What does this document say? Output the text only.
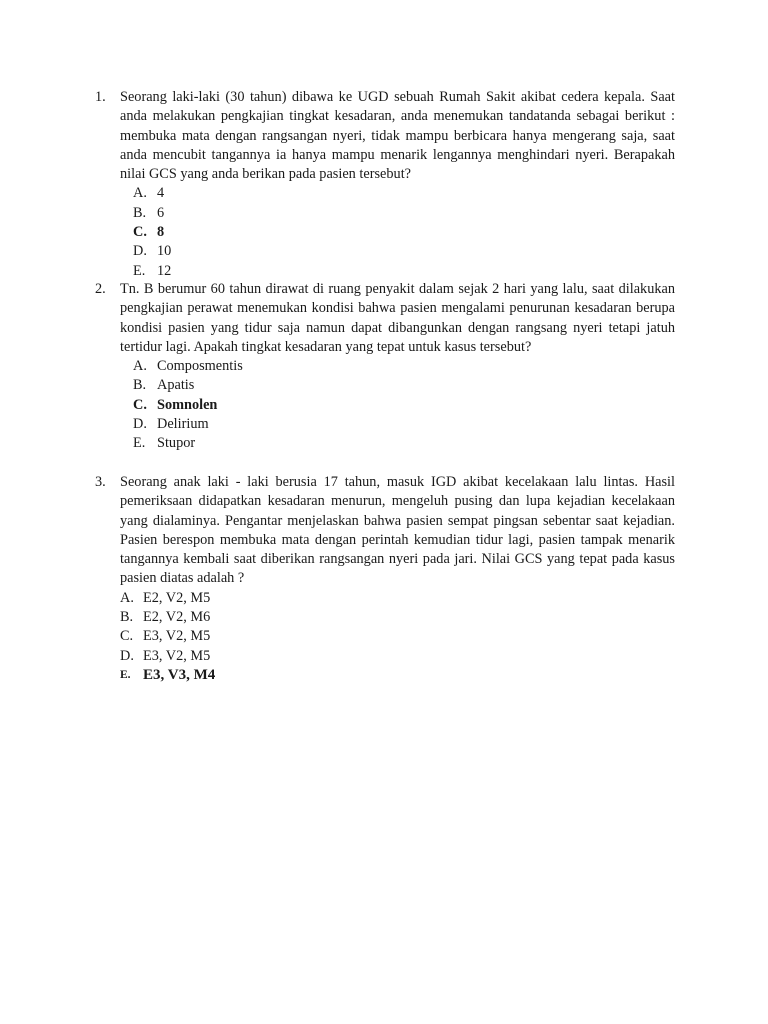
1. Seorang laki-laki (30 tahun) dibawa ke UGD sebuah Rumah Sakit akibat cedera kepala. Saat anda melakukan pengkajian tingkat kesadaran, anda menemukan tandatanda sebagai berikut : membuka mata dengan rangsangan nyeri, tidak mampu berbicara hanya mengerang saja, saat anda mencubit tangannya ia hanya mampu menarik lengannya menghindari nyeri. Berapakah nilai GCS yang anda berikan pada pasien tersebut?
A. 4
B. 6
C. 8
D. 10
E. 12
2. Tn. B berumur 60 tahun dirawat di ruang penyakit dalam sejak 2 hari yang lalu, saat dilakukan pengkajian perawat menemukan kondisi bahwa pasien mengalami penurunan kesadaran berupa kondisi pasien yang tidur saja namun dapat dibangunkan dengan rangsang nyeri tetapi jatuh tertidur lagi. Apakah tingkat kesadaran yang tepat untuk kasus tersebut?
A. Composmentis
B. Apatis
C. Somnolen
D. Delirium
E. Stupor
3. Seorang anak laki - laki berusia 17 tahun, masuk IGD akibat kecelakaan lalu lintas. Hasil pemeriksaan didapatkan kesadaran menurun, mengeluh pusing dan lupa kejadian kecelakaan yang dialaminya. Pengantar menjelaskan bahwa pasien sempat pingsan sebentar saat kejadian. Pasien berespon membuka mata dengan perintah kemudian tidur lagi, pasien tampak menarik tangannya kembali saat diberikan rangsangan nyeri pada jari. Nilai GCS yang tepat pada kasus pasien diatas adalah ?
A. E2, V2, M5
B. E2, V2, M6
C. E3, V2, M5
D. E3, V2, M5
E. E3, V3, M4
